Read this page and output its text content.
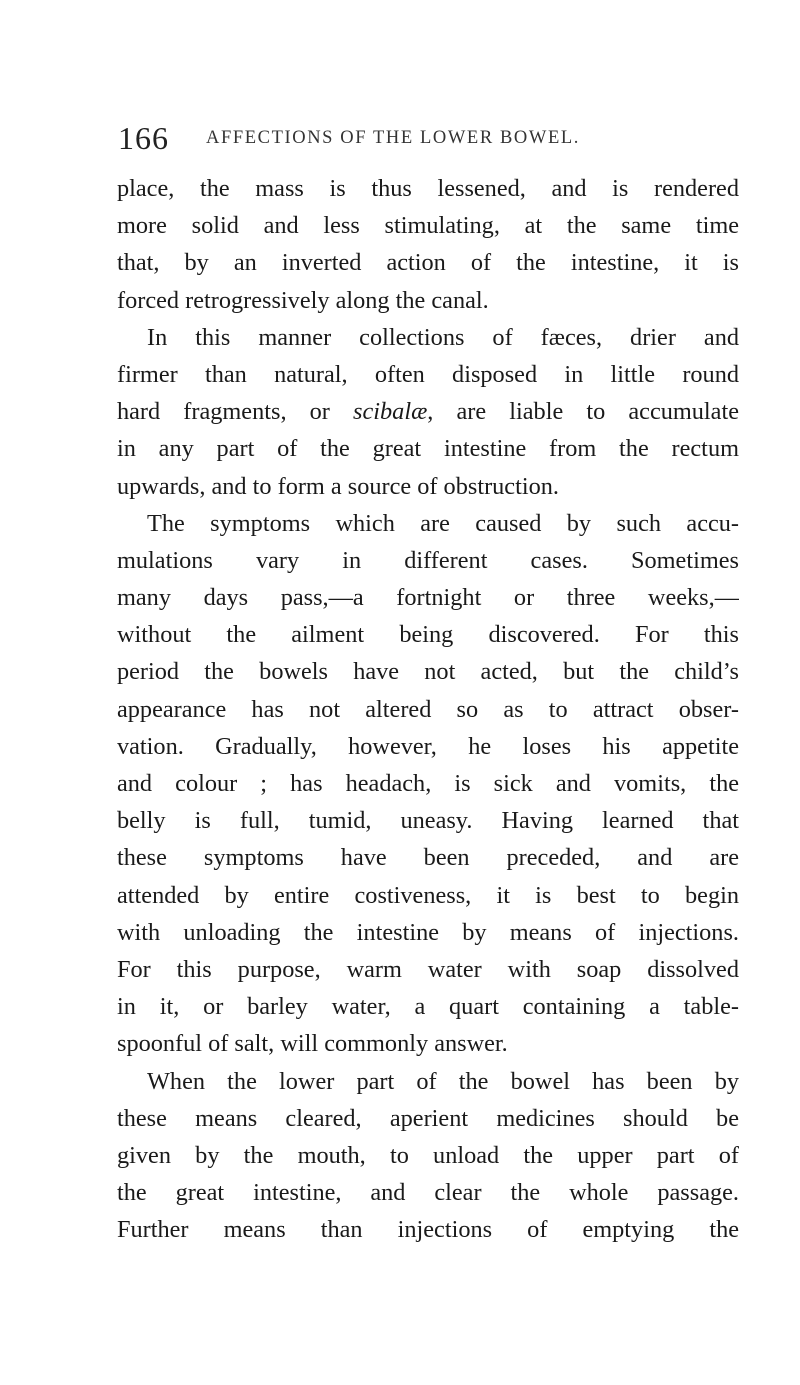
166 AFFECTIONS OF THE LOWER BOWEL.
place, the mass is thus lessened, and is rendered
more solid and less stimulating, at the same time
that, by an inverted action of the intestine, it is
forced retrogressively along the canal.
In this manner collections of fæces, drier and
firmer than natural, often disposed in little round
hard fragments, or scibalæ, are liable to accumulate
in any part of the great intestine from the rectum
upwards, and to form a source of obstruction.
The symptoms which are caused by such accu-
mulations vary in different cases. Sometimes
many days pass,—a fortnight or three weeks,—
without the ailment being discovered. For this
period the bowels have not acted, but the child’s
appearance has not altered so as to attract obser-
vation. Gradually, however, he loses his appetite
and colour ; has headach, is sick and vomits, the
belly is full, tumid, uneasy. Having learned that
these symptoms have been preceded, and are
attended by entire costiveness, it is best to begin
with unloading the intestine by means of injections.
For this purpose, warm water with soap dissolved
in it, or barley water, a quart containing a table-
spoonful of salt, will commonly answer.
When the lower part of the bowel has been by
these means cleared, aperient medicines should be
given by the mouth, to unload the upper part of
the great intestine, and clear the whole passage.
Further means than injections of emptying the
